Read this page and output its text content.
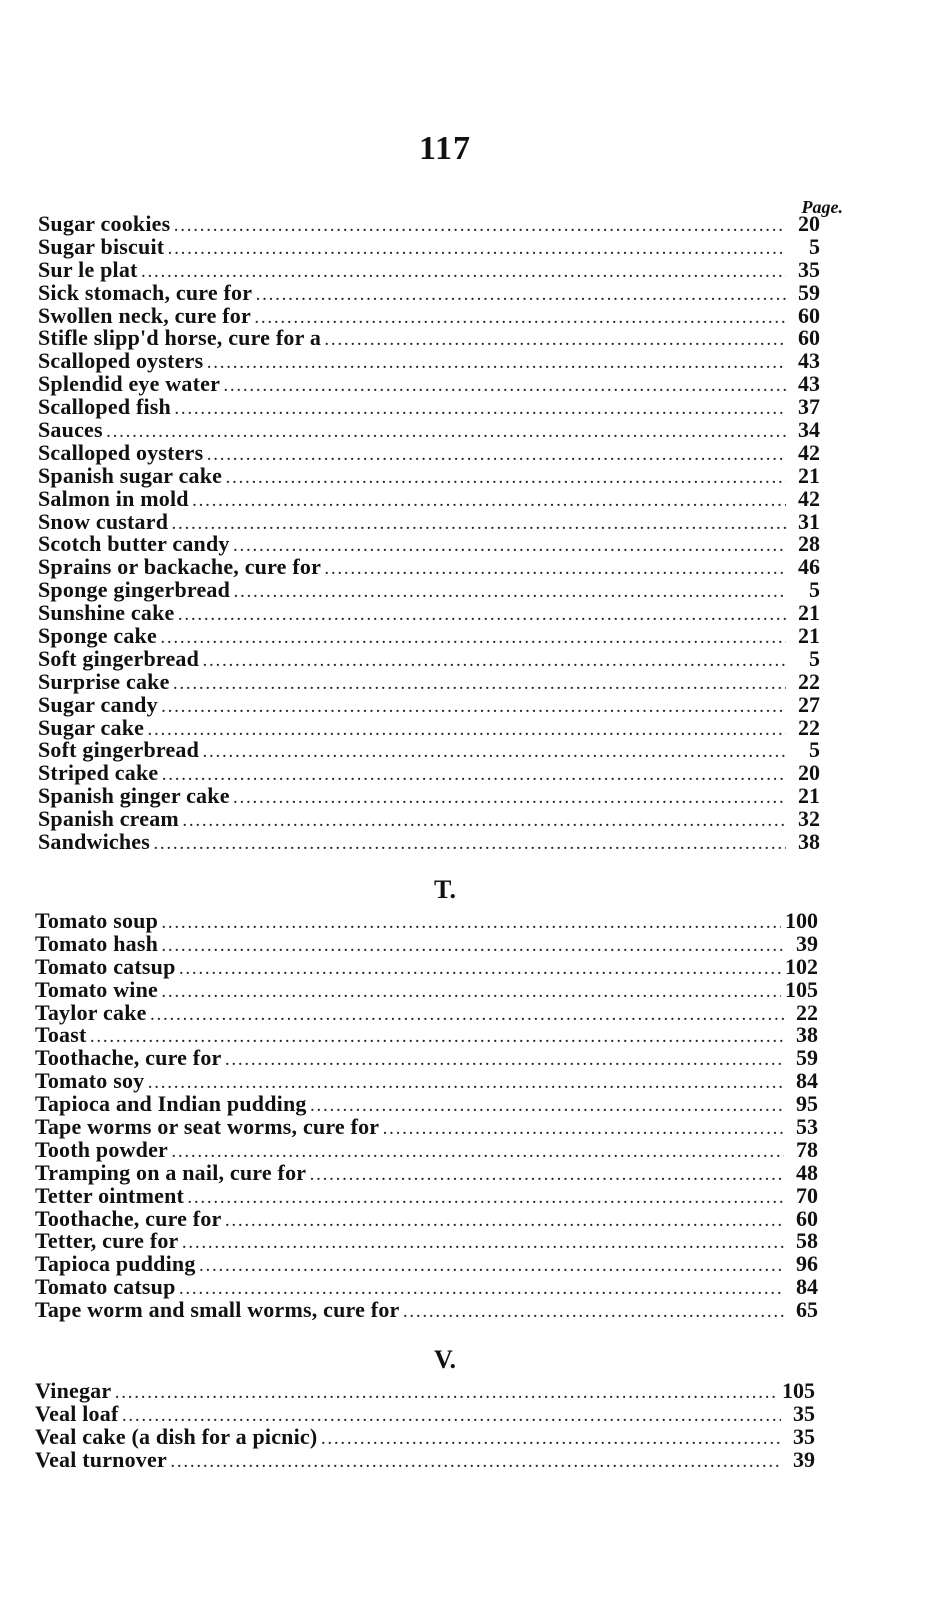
117
Page.
Sugar cookies .....	20
Sugar biscuit .....	5
Sur le plat .....	35
Sick stomach, cure for .....	59
Swollen neck, cure for .....	60
Stifle slipp'd horse, cure for a .....	60
Scalloped oysters .....	43
Splendid eye water .....	43
Scalloped fish .....	37
Sauces .....	34
Scalloped oysters .....	42
Spanish sugar cake .....	21
Salmon in mold .....	42
Snow custard .....	31
Scotch butter candy .....	28
Sprains or backache, cure for .....	46
Sponge gingerbread .....	5
Sunshine cake .....	21
Sponge cake .....	21
Soft gingerbread .....	5
Surprise cake .....	22
Sugar candy .....	27
Sugar cake .....	22
Soft gingerbread .....	5
Striped cake .....	20
Spanish ginger cake .....	21
Spanish cream .....	32
Sandwiches .....	38
T.
Tomato soup .....	100
Tomato hash .....	39
Tomato catsup .....	102
Tomato wine .....	105
Taylor cake .....	22
Toast .....	38
Toothache, cure for .....	59
Tomato soy .....	84
Tapioca and Indian pudding .....	95
Tape worms or seat worms, cure for .....	53
Tooth powder .....	78
Tramping on a nail, cure for .....	48
Tetter ointment .....	70
Toothache, cure for .....	60
Tetter, cure for .....	58
Tapioca pudding .....	96
Tomato catsup .....	84
Tape worm and small worms, cure for .....	65
V.
Vinegar .....	105
Veal loaf .....	35
Veal cake (a dish for a picnic) .....	35
Veal turnover .....	39
